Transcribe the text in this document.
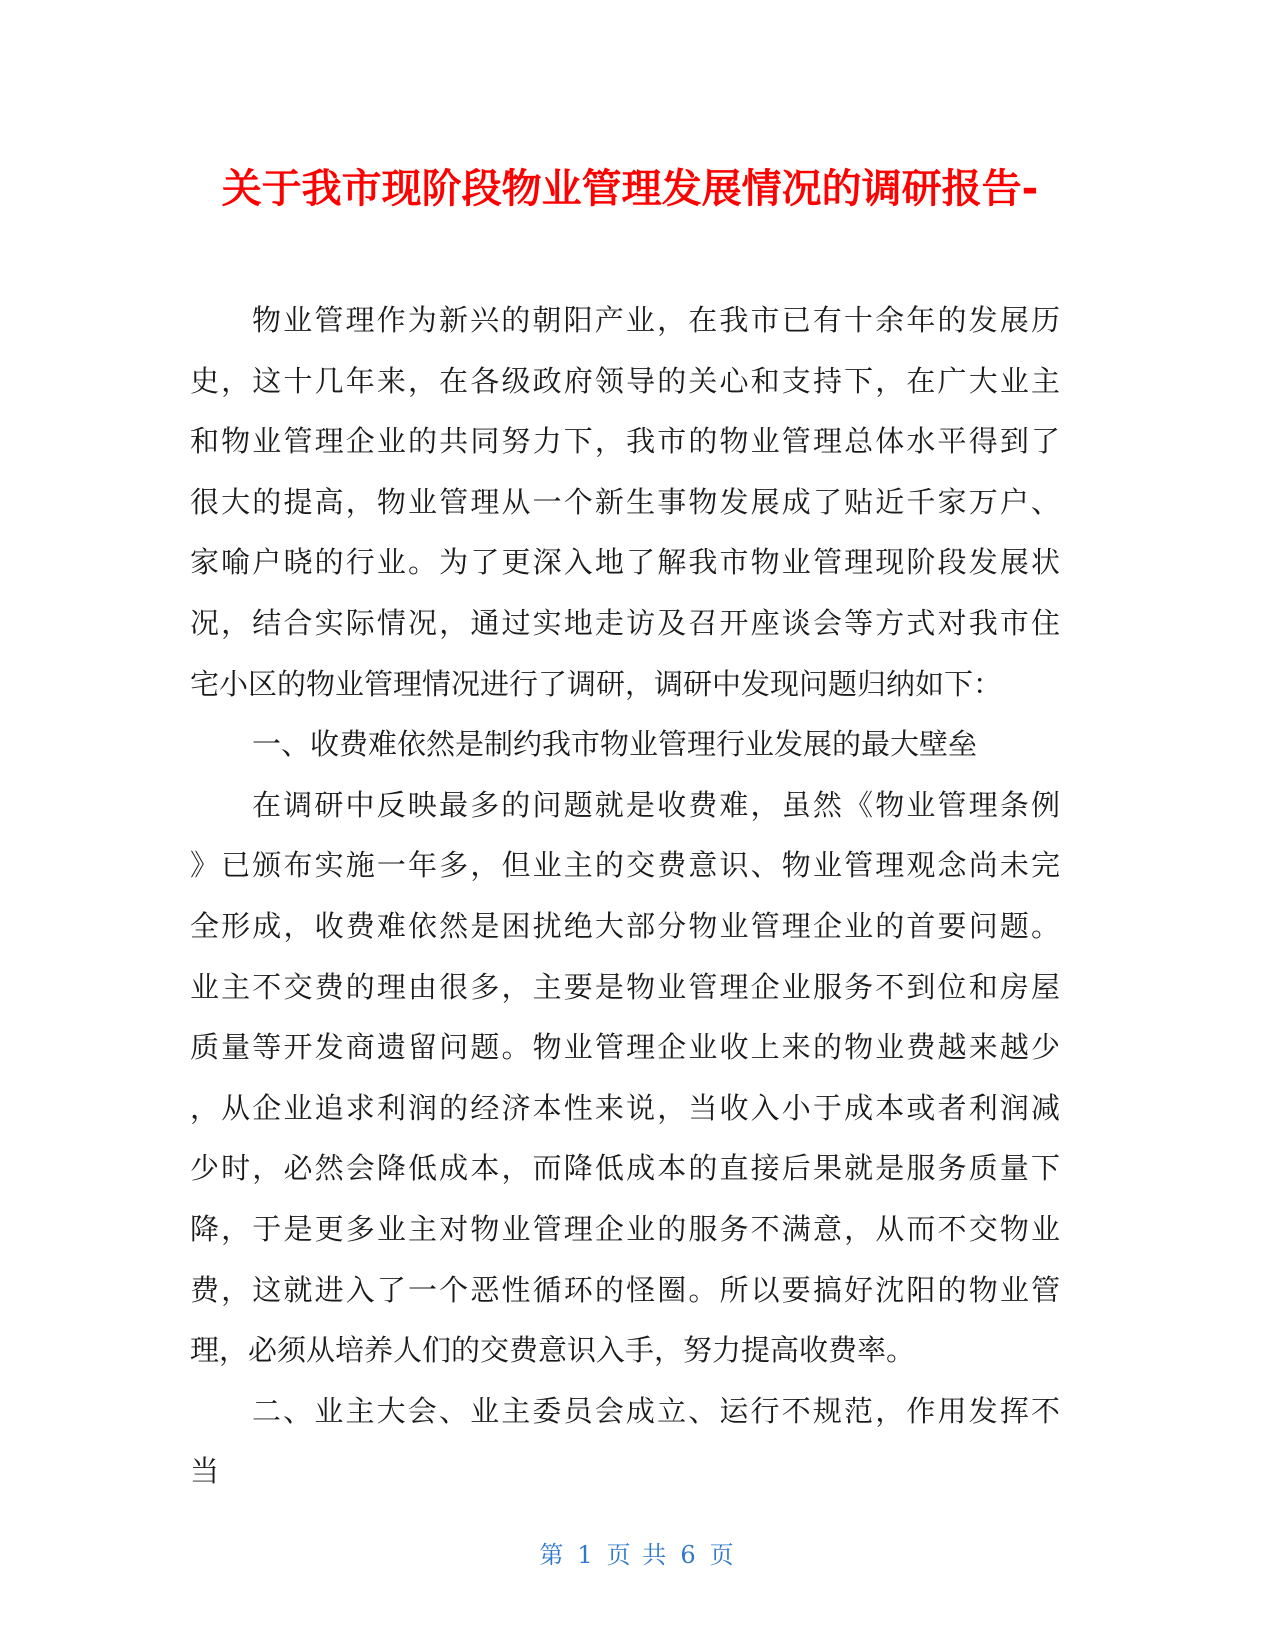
关于我市现阶段物业管理发展情况的调研报告-
物业管理作为新兴的朝阳产业，在我市已有十余年的发展历
史，这十几年来，在各级政府领导的关心和支持下，在广大业主
和物业管理企业的共同努力下，我市的物业管理总体水平得到了
很大的提高，物业管理从一个新生事物发展成了贴近千家万户、
家喻户晓的行业。为了更深入地了解我市物业管理现阶段发展状
况，结合实际情况，通过实地走访及召开座谈会等方式对我市住
宅小区的物业管理情况进行了调研，调研中发现问题归纳如下：
一、收费难依然是制约我市物业管理行业发展的最大壁垒
在调研中反映最多的问题就是收费难，虽然《物业管理条例
》已颁布实施一年多，但业主的交费意识、物业管理观念尚未完
全形成，收费难依然是困扰绝大部分物业管理企业的首要问题。
业主不交费的理由很多，主要是物业管理企业服务不到位和房屋
质量等开发商遗留问题。物业管理企业收上来的物业费越来越少
，从企业追求利润的经济本性来说，当收入小于成本或者利润减
少时，必然会降低成本，而降低成本的直接后果就是服务质量下
降，于是更多业主对物业管理企业的服务不满意，从而不交物业
费，这就进入了一个恶性循环的怪圈。所以要搞好沈阳的物业管
理，必须从培养人们的交费意识入手，努力提高收费率。
二、业主大会、业主委员会成立、运行不规范，作用发挥不
当
第 1 页 共 6 页
